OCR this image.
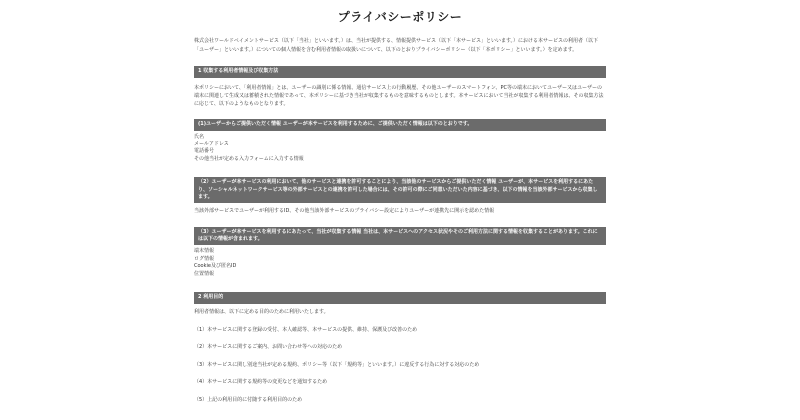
プライバシーポリシー

株式会社ワールドペイメントサービス（以下「当社」といいます。）は、当社が提供する、情報提供サービス（以下「本サービス」といいます。）における本サービスの利用者（以下「ユーザー」といいます。）についての個人情報を含む利用者情報の取扱いについて、以下のとおりプライバシーポリシー（以下「本ポリシー」といいます。）を定めます。

1 収集する利用者情報及び収集方法

本ポリシーにおいて、「利用者情報」とは、ユーザーの識別に係る情報、通信サービス上の行動履歴、その他ユーザーのスマートフォン、PC等の端末においてユーザー又はユーザーの端末に関連して生成又は蓄積された情報であって、本ポリシーに基づき当社が収集するものを意味するものとします。本サービスにおいて当社が収集する利用者情報は、その収集方法に応じて、以下のようなものとなります。

(1)ユーザーからご提供いただく情報 ユーザーが本サービスを利用するために、ご提供いただく情報は以下のとおりです。
氏名
メールアドレス
電話番号
その他当社が定める入力フォームに入力する情報
（2）ユーザーが本サービスの利用において、他のサービスと連携を許可することにより、当該他のサービスからご提供いただく情報 ユーザーが、本サービスを利用するにあたり、ソーシャルネットワークサービス等の外部サービスとの連携を許可した場合には、その許可の際にご同意いただいた内容に基づき、以下の情報を当該外部サービスから収集します。

当該外部サービスでユーザーが利用するID、その他当該外部サービスのプライバシー設定によりユーザーが連携先に開示を認めた情報

（3）ユーザーが本サービスを利用するにあたって、当社が収集する情報 当社は、本サービスへのアクセス状況やそのご利用方法に関する情報を収集することがあります。これには以下の情報が含まれます。
端末情報
ログ情報
Cookie及び匿名ID
位置情報
2 利用目的

利用者情報は、以下に定める目的のために利用いたします。

（1）本サービスに関する登録の受付、本人確認等、本サービスの提供、維持、保護及び改善のため
（2）本サービスに関するご案内、お問い合わせ等への対応のため
（3）本サービスに関し別途当社が定める規約、ポリシー等（以下「規約等」といいます。）に違反する行為に対する対応のため
（4）本サービスに関する規約等の変更などを通知するため
（5）上記の利用目的に付随する利用目的のため
